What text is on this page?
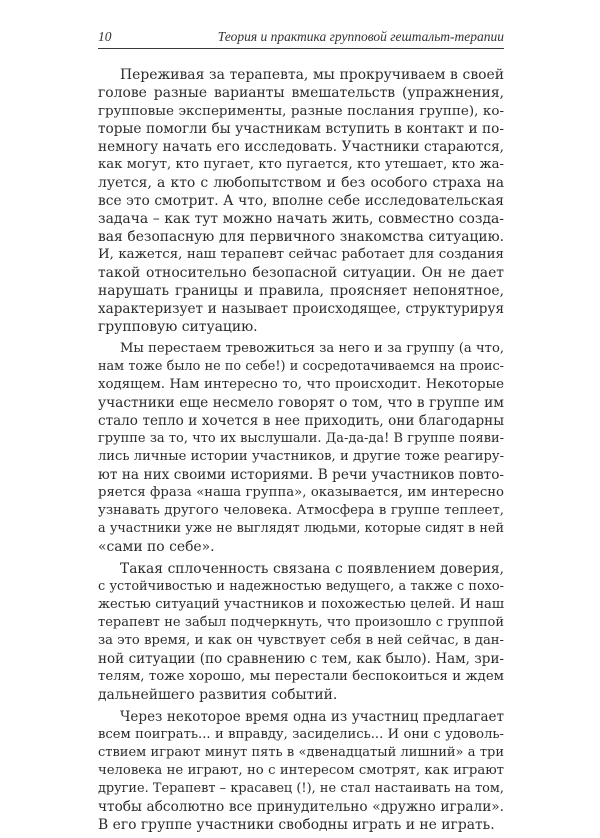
10	Теория и практика групповой гештальт-терапии
Переживая за терапевта, мы прокручиваем в своей
голове разные варианты вмешательств (упражнения,
групповые эксперименты, разные послания группе), ко-
торые помогли бы участникам вступить в контакт и по-
немногу начать его исследовать. Участники стараются,
как могут, кто пугает, кто пугается, кто утешает, кто жа-
луется, а кто с любопытством и без особого страха на
все это смотрит. А что, вполне себе исследовательская
задача – как тут можно начать жить, совместно созда-
вая безопасную для первичного знакомства ситуацию.
И, кажется, наш терапевт сейчас работает для создания
такой относительно безопасной ситуации. Он не дает
нарушать границы и правила, проясняет непонятное,
характеризует и называет происходящее, структурируя
групповую ситуацию.
Мы перестаем тревожиться за него и за группу (а что,
нам тоже было не по себе!) и сосредотачиваемся на проис-
ходящем. Нам интересно то, что происходит. Некоторые
участники еще несмело говорят о том, что в группе им
стало тепло и хочется в нее приходить, они благодарны
группе за то, что их выслушали. Да-да-да! В группе появи-
лись личные истории участников, и другие тоже реагиру-
ют на них своими историями. В речи участников повто-
ряется фраза «наша группа», оказывается, им интересно
узнавать другого человека. Атмосфера в группе теплеет,
а участники уже не выглядят людьми, которые сидят в ней
«сами по себе».
Такая сплоченность связана с появлением доверия,
с устойчивостью и надежностью ведущего, а также с похо-
жестью ситуаций участников и похожестью целей. И наш
терапевт не забыл подчеркнуть, что произошло с группой
за это время, и как он чувствует себя в ней сейчас, в дан-
ной ситуации (по сравнению с тем, как было). Нам, зри-
телям, тоже хорошо, мы перестали беспокоиться и ждем
дальнейшего развития событий.
Через некоторое время одна из участниц предлагает
всем поиграть... и вправду, засиделись... И они с удоволь-
ствием играют минут пять в «двенадцатый лишний» а три
человека не играют, но с интересом смотрят, как играют
другие. Терапевт – красавец (!), не стал настаивать на том,
чтобы абсолютно все принудительно «дружно играли».
В его группе участники свободны играть и не играть.
